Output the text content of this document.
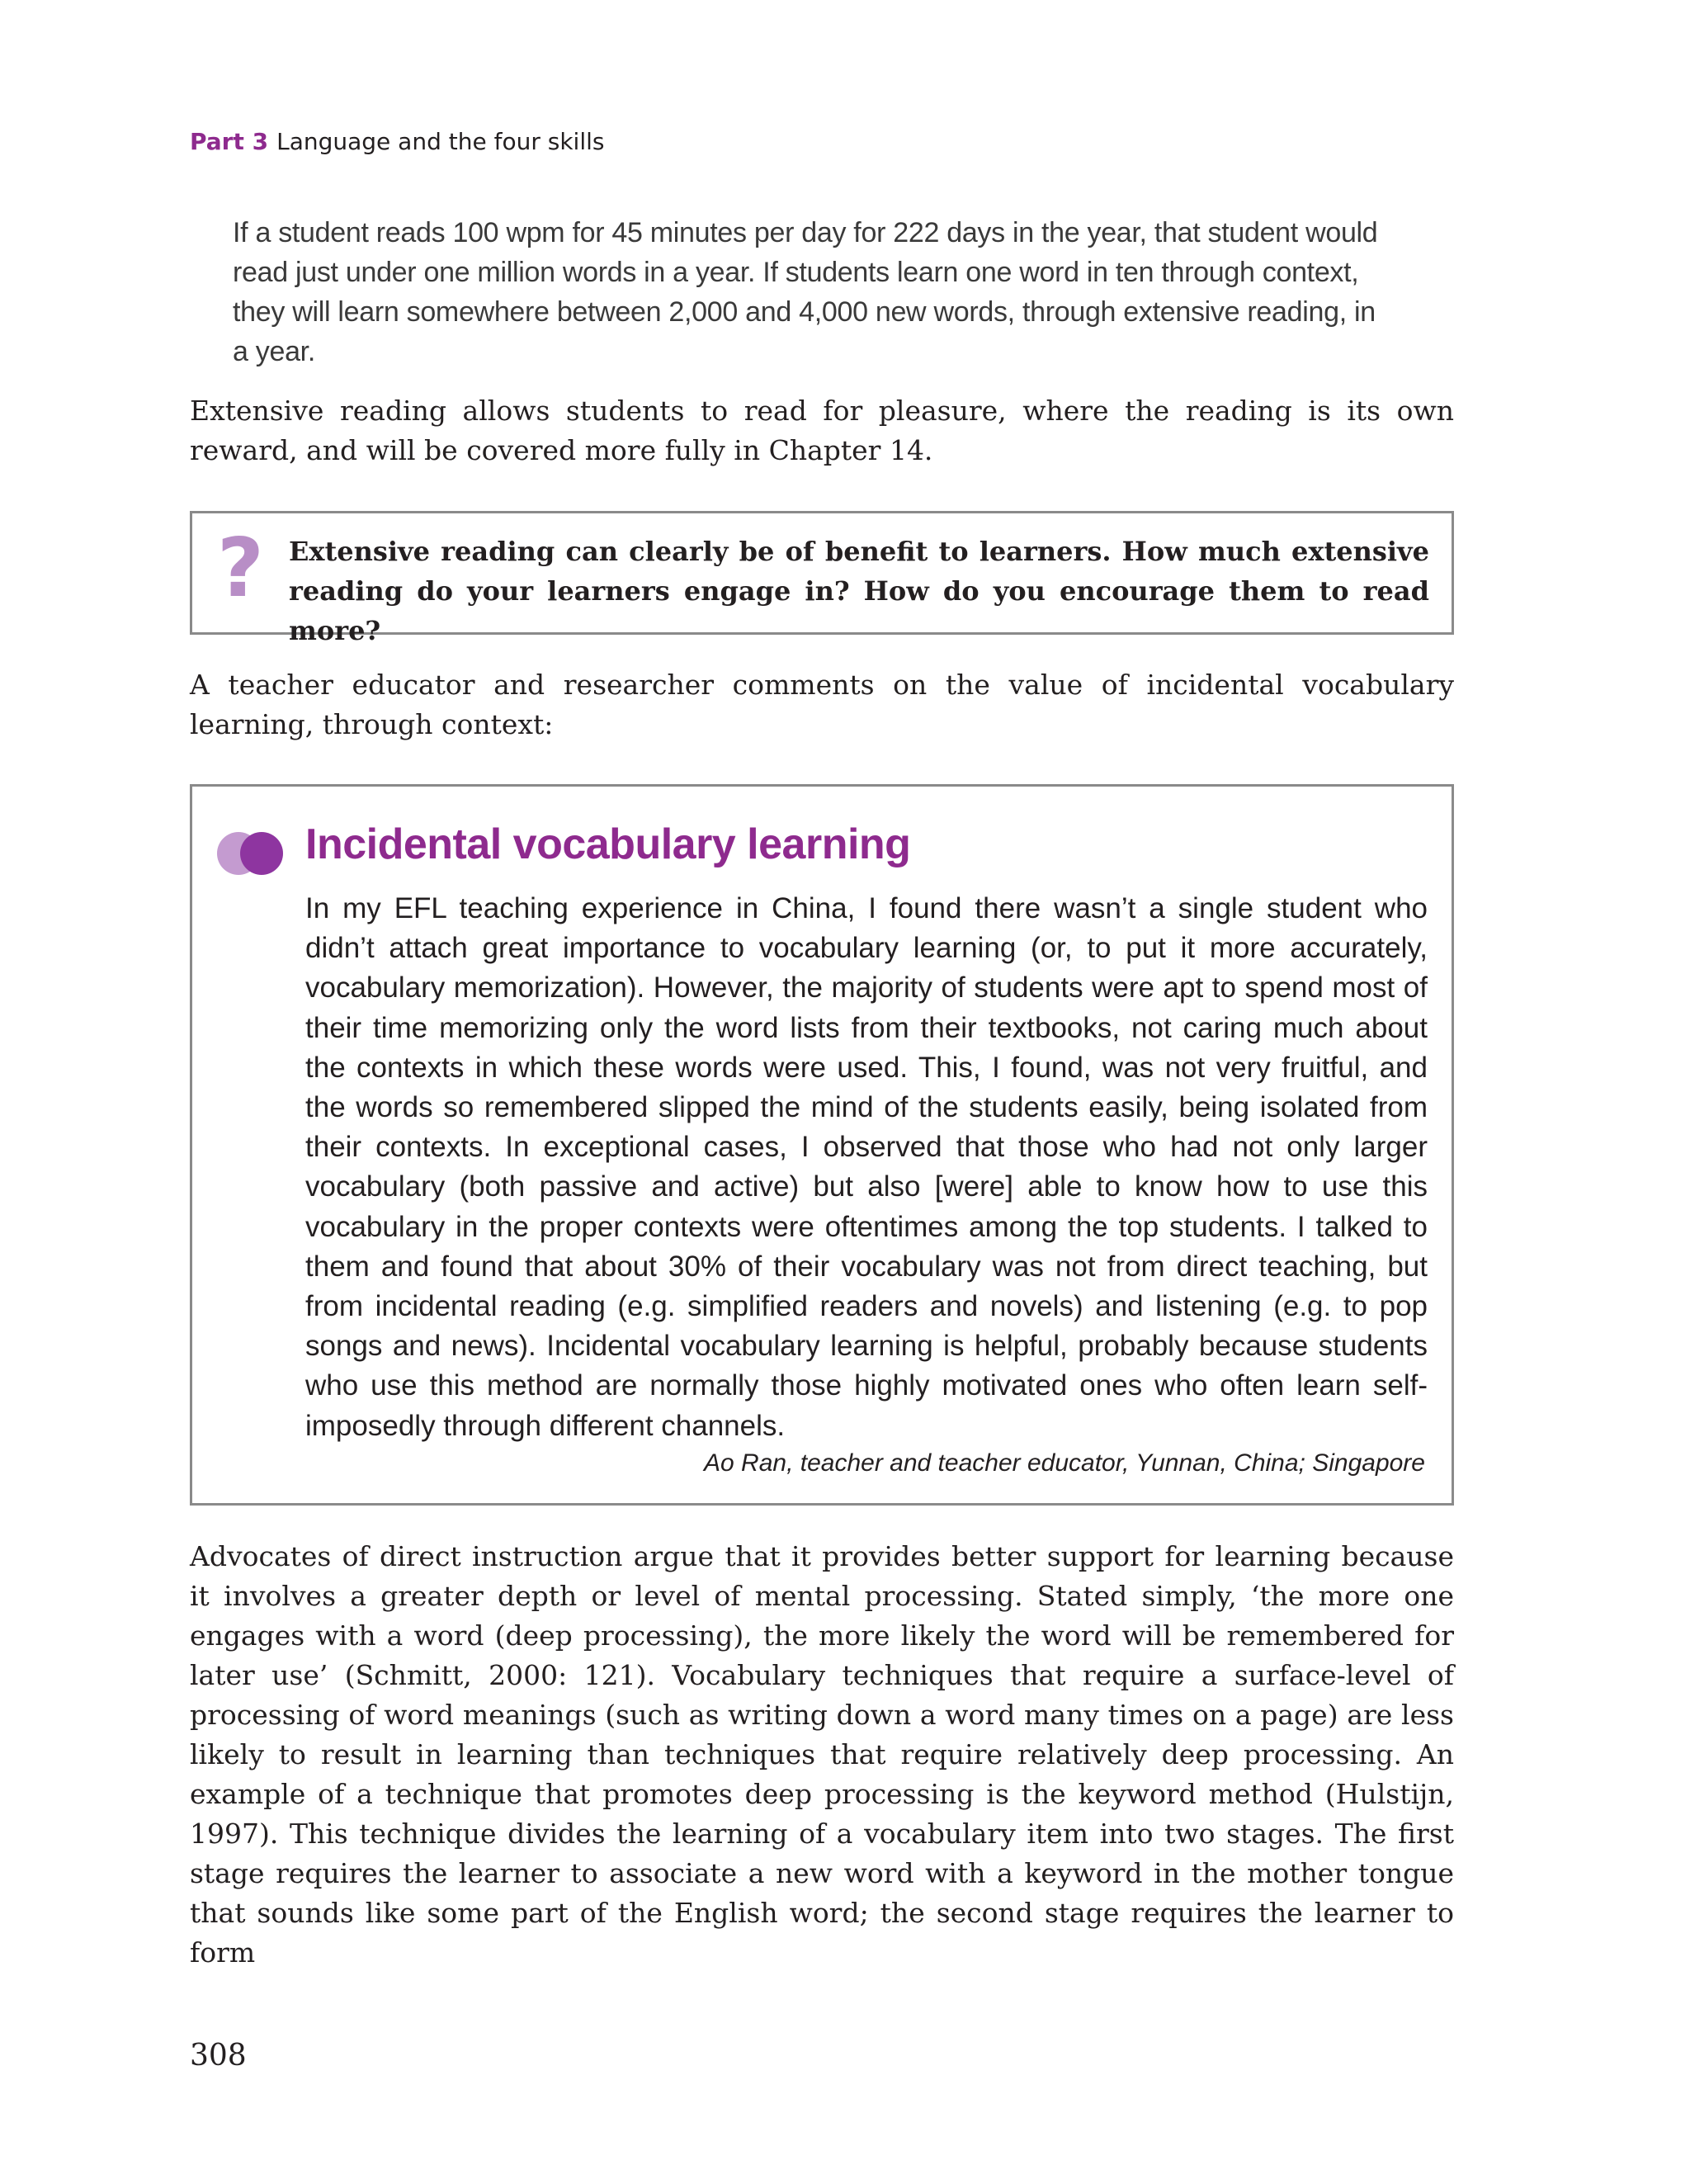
Part 3 Language and the four skills
If a student reads 100 wpm for 45 minutes per day for 222 days in the year, that student would read just under one million words in a year. If students learn one word in ten through context, they will learn somewhere between 2,000 and 4,000 new words, through extensive reading, in a year.
Extensive reading allows students to read for pleasure, where the reading is its own reward, and will be covered more fully in Chapter 14.
? Extensive reading can clearly be of benefit to learners. How much extensive reading do your learners engage in? How do you encourage them to read more?
A teacher educator and researcher comments on the value of incidental vocabulary learning, through context:
Incidental vocabulary learning
In my EFL teaching experience in China, I found there wasn’t a single student who didn’t attach great importance to vocabulary learning (or, to put it more accurately, vocabulary memorization). However, the majority of students were apt to spend most of their time memorizing only the word lists from their textbooks, not caring much about the contexts in which these words were used. This, I found, was not very fruitful, and the words so remembered slipped the mind of the students easily, being isolated from their contexts. In exceptional cases, I observed that those who had not only larger vocabulary (both passive and active) but also [were] able to know how to use this vocabulary in the proper contexts were oftentimes among the top students. I talked to them and found that about 30% of their vocabulary was not from direct teaching, but from incidental reading (e.g. simplified readers and novels) and listening (e.g. to pop songs and news). Incidental vocabulary learning is helpful, probably because students who use this method are normally those highly motivated ones who often learn self-imposedly through different channels.
Ao Ran, teacher and teacher educator, Yunnan, China; Singapore
Advocates of direct instruction argue that it provides better support for learning because it involves a greater depth or level of mental processing. Stated simply, ‘the more one engages with a word (deep processing), the more likely the word will be remembered for later use’ (Schmitt, 2000: 121). Vocabulary techniques that require a surface-level of processing of word meanings (such as writing down a word many times on a page) are less likely to result in learning than techniques that require relatively deep processing. An example of a technique that promotes deep processing is the keyword method (Hulstijn, 1997). This technique divides the learning of a vocabulary item into two stages. The first stage requires the learner to associate a new word with a keyword in the mother tongue that sounds like some part of the English word; the second stage requires the learner to form
308
